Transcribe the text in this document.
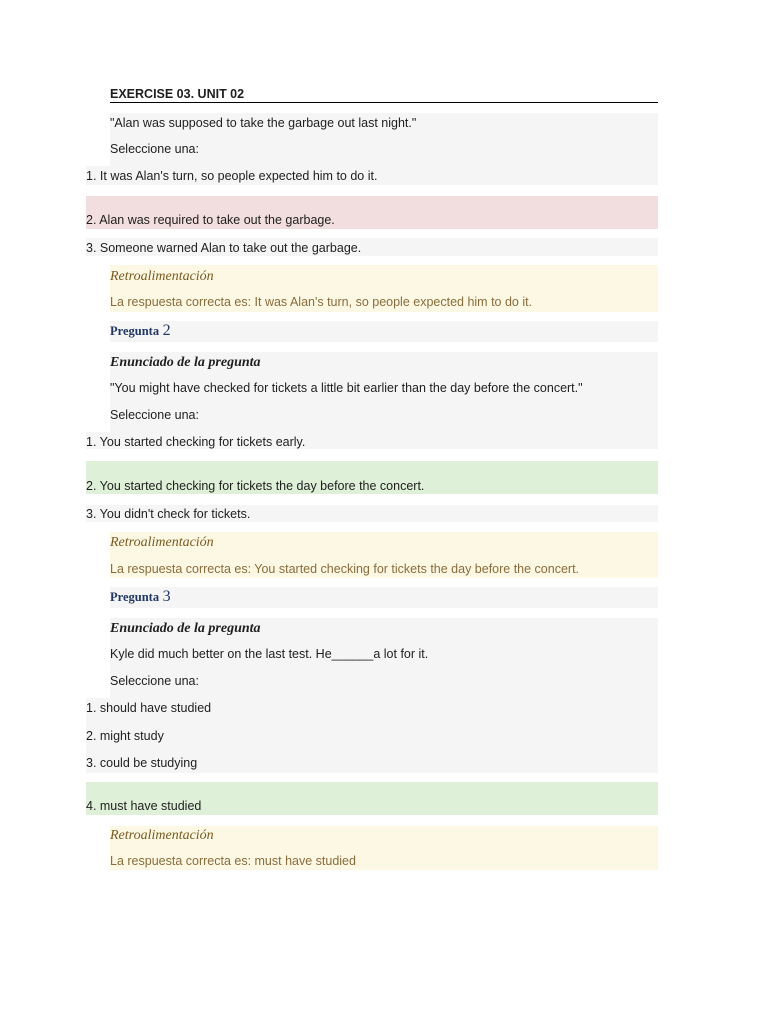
EXERCISE 03. UNIT 02
"Alan was supposed to take the garbage out last night."
Seleccione una:
1. It was Alan's turn, so people expected him to do it.
2. Alan was required to take out the garbage.
3. Someone warned Alan to take out the garbage.
Retroalimentación
La respuesta correcta es: It was Alan's turn, so people expected him to do it.
Pregunta 2
Enunciado de la pregunta
"You might have checked for tickets a little bit earlier than the day before the concert."
Seleccione una:
1. You started checking for tickets early.
2. You started checking for tickets the day before the concert.
3. You didn't check for tickets.
Retroalimentación
La respuesta correcta es: You started checking for tickets the day before the concert.
Pregunta 3
Enunciado de la pregunta
Kyle did much better on the last test. He______a lot for it.
Seleccione una:
1. should have studied
2. might study
3. could be studying
4. must have studied
Retroalimentación
La respuesta correcta es: must have studied
